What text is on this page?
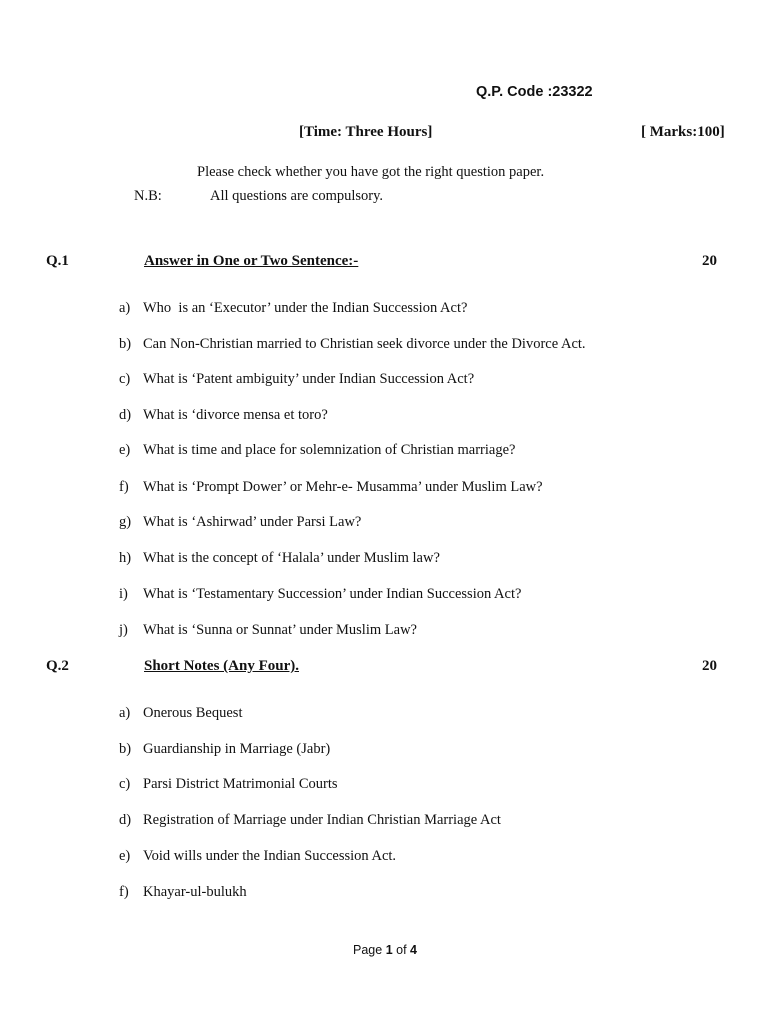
Q.P. Code :23322
[Time: Three Hours]	[ Marks:100]
Please check whether you have got the right question paper.
N.B:	All questions are compulsory.
Q.1	Answer in One or Two Sentence:-	20
a) Who  is an ‘Executor’ under the Indian Succession Act?
b) Can Non-Christian married to Christian seek divorce under the Divorce Act.
c) What is ‘Patent ambiguity’ under Indian Succession Act?
d) What is ‘divorce mensa et toro?
e) What is time and place for solemnization of Christian marriage?
f) What is ‘Prompt Dower’ or Mehr-e- Musamma’ under Muslim Law?
g) What is ‘Ashirwad’ under Parsi Law?
h) What is the concept of ‘Halala’ under Muslim law?
i) What is ‘Testamentary Succession’ under Indian Succession Act?
j) What is ‘Sunna or Sunnat’ under Muslim Law?
Q.2	Short Notes (Any Four).	20
a) Onerous Bequest
b) Guardianship in Marriage (Jabr)
c) Parsi District Matrimonial Courts
d) Registration of Marriage under Indian Christian Marriage Act
e) Void wills under the Indian Succession Act.
f) Khayar-ul-bulukh
Page 1 of 4
